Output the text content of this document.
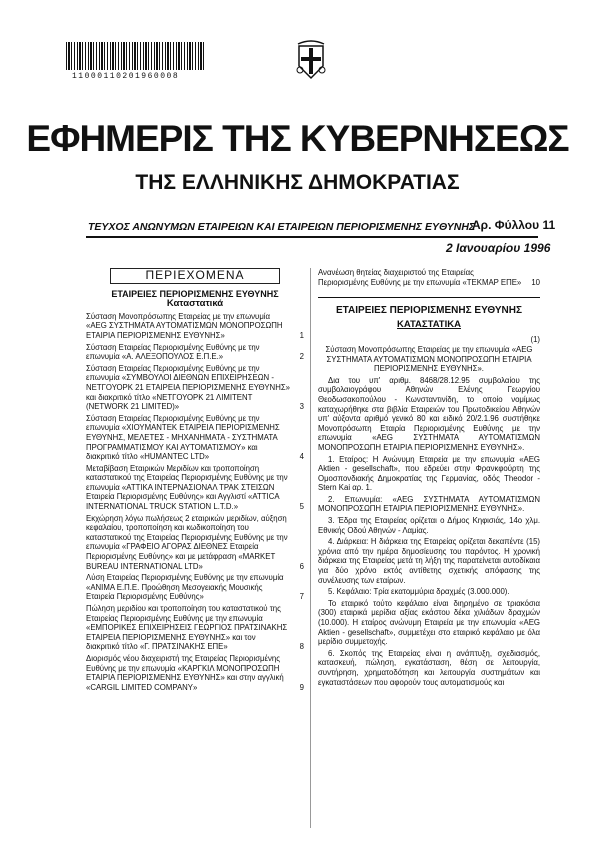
11000110201960008
ΕΦΗΜΕΡΙΣ ΤΗΣ ΚΥΒΕΡΝΗΣΕΩΣ
ΤΗΣ ΕΛΛΗΝΙΚΗΣ ΔΗΜΟΚΡΑΤΙΑΣ
ΤΕΥΧΟΣ ΑΝΩΝΥΜΩΝ ΕΤΑΙΡΕΙΩΝ ΚΑΙ ΕΤΑΙΡΕΙΩΝ ΠΕΡΙΟΡΙΣΜΕΝΗΣ ΕΥΘΥΝΗΣ
Αρ. Φύλλου 11
2 Ιανουαρίου 1996
ΠΕΡΙΕΧΟΜΕΝΑ
ΕΤΑΙΡΕΙΕΣ ΠΕΡΙΟΡΙΣΜΕΝΗΣ ΕΥΘΥΝΗΣ
Καταστατικά
Σύσταση Μονοπρόσωπης Εταιρείας με την επωνυμία «AEG ΣΥΣΤΗΜΑΤΑ ΑΥΤΟΜΑΤΙΣΜΩΝ ΜΟΝΟΠΡΟΣΩΠΗ ΕΤΑΙΡΙΑ ΠΕΡΙΟΡΙΣΜΕΝΗΣ ΕΥΘΥΝΗΣ»	1
Σύσταση Εταιρείας Περιορισμένης Ευθύνης με την επωνυμία «Α. ΑΛΕΞΟΠΟΥΛΟΣ Ε.Π.Ε.»	2
Σύσταση Εταιρείας Περιορισμένης Ευθύνης με την επωνυμία «ΣΥΜΒΟΥΛΟΙ ΔΙΕΘΝΩΝ ΕΠΙΧΕΙΡΗΣΕΩΝ - ΝΕΤΓΟΥΟΡΚ 21 ΕΤΑΙΡΕΙΑ ΠΕΡΙΟΡΙΣΜΕΝΗΣ ΕΥΘΥΝΗΣ» και διακριτικό τίτλο «ΝΕΤΓΟΥΟΡΚ 21 ΛΙΜΙΤΕΝΤ (NETWORK 21 LIMITED)»	3
Σύσταση Εταιρείας Περιορισμένης Ευθύνης με την επωνυμία «ΧΙΟΥΜΑΝΤΕΚ ΕΤΑΙΡΕΙΑ ΠΕΡΙΟΡΙΣΜΕΝΗΣ ΕΥΘΥΝΗΣ, ΜΕΛΕΤΕΣ - ΜΗΧΑΝΗΜΑΤΑ - ΣΥΣΤΗΜΑΤΑ ΠΡΟΓΡΑΜΜΑΤΙΣΜΟΥ ΚΑΙ ΑΥΤΟΜΑΤΙΣΜΟΥ» και διακριτικό τίτλο «HUMANTEC LTD»	4
Μεταβίβαση Εταιρικών Μεριδίων και τροποποίηση καταστατικού της Εταιρείας Περιορισμένης Ευθύνης με την επωνυμία «ΑΤΤΙΚΑ ΙΝΤΕΡΝΑΣΙΟΝΑΛ ΤΡΑΚ ΣΤΕΙΣΩΝ Εταιρεία Περιορισμένης Ευθύνης» και Αγγλιστί «ATTICA INTERNATIONAL TRUCK STATION L.T.D.»	5
Εκχώρηση λόγω πωλήσεως 2 εταιρικών μεριδίων, αύξηση κεφαλαίου, τροποποίηση και κωδικοποίηση του καταστατικού της Εταιρείας Περιορισμένης Ευθύνης με την επωνυμία «ΓΡΑΦΕΙΟ ΑΓΟΡΑΣ ΔΙΕΘΝΕΣ Εταιρεία Περιορισμένης Ευθύνης» και με μετάφραση «MARKET BUREAU INTERNATIONAL LTD»	6
Λύση Εταιρείας Περιορισμένης Ευθύνης με την επωνυμία «ΑΝΙΜΑ Ε.Π.Ε. Προώθηση Μεσογειακής Μουσικής Εταιρεία Περιορισμένης Ευθύνης»	7
Πώληση μεριδίου και τροποποίηση του καταστατικού της Εταιρείας Περιορισμένης Ευθύνης με την επωνυμία «ΕΜΠΟΡΙΚΕΣ ΕΠΙΧΕΙΡΗΣΕΙΣ ΓΕΩΡΓΙΟΣ ΠΡΑΤΣΙΝΑΚΗΣ ΕΤΑΙΡΕΙΑ ΠΕΡΙΟΡΙΣΜΕΝΗΣ ΕΥΘΥΝΗΣ» και τον διακριτικό τίτλο «Γ. ΠΡΑΤΣΙΝΑΚΗΣ ΕΠΕ»	8
Διορισμός νέου διαχειριστή της Εταιρείας Περιορισμένης Ευθύνης με την επωνυμία «ΚΑΡΓΚΙΛ ΜΟΝΟΠΡΟΣΩΠΗ ΕΤΑΙΡΙΑ ΠΕΡΙΟΡΙΣΜΕΝΗΣ ΕΥΘΥΝΗΣ» και στην αγγλική «CARGIL LIMITED COMPANY»	9
Ανανέωση θητείας διαχειριστού της Εταιρείας Περιορισμένης Ευθύνης με την επωνυμία «ΤΕΚΜΑΡ ΕΠΕ» 10
ΕΤΑΙΡΕΙΕΣ ΠΕΡΙΟΡΙΣΜΕΝΗΣ ΕΥΘΥΝΗΣ
ΚΑΤΑΣΤΑΤΙΚΑ
(1)
Σύσταση Μονοπρόσωπης Εταιρείας με την επωνυμία «AEG ΣΥΣΤΗΜΑΤΑ ΑΥΤΟΜΑΤΙΣΜΩΝ ΜΟΝΟΠΡΟΣΩΠΗ ΕΤΑΙΡΙΑ ΠΕΡΙΟΡΙΣΜΕΝΗΣ ΕΥΘΥΝΗΣ».
Δια του υπ' αριθμ. 8468/28.12.95 συμβολαίου της συμβολαιογράφου Αθηνών Ελένης Γεωργίου Θεοδωσακοπούλου - Κωνσταντινίδη, το οποίο νομίμως καταχωρήθηκε στα βιβλία Εταιρειών του Πρωτοδικείου Αθηνών υπ' αύξοντα αριθμό γενικό 80 και ειδικό 20/2.1.96 συστήθηκε Μονοπρόσωπη Εταιρία Περιορισμένης Ευθύνης με την επωνυμία «AEG ΣΥΣΤΗΜΑΤΑ ΑΥΤΟΜΑΤΙΣΜΩΝ ΜΟΝΟΠΡΟΣΩΠΗ ΕΤΑΙΡΙΑ ΠΕΡΙΟΡΙΣΜΕΝΗΣ ΕΥΘΥΝΗΣ».
1. Εταίρος: Η Ανώνυμη Εταιρεία με την επωνυμία «AEG Aktien - gesellschaft», που εδρεύει στην Φρανκφούρτη της Ομοσπονδιακής Δημοκρατίας της Γερμανίας, οδός Theodor - Stern Kai αρ. 1.
2. Επωνυμία: «AEG ΣΥΣΤΗΜΑΤΑ ΑΥΤΟΜΑΤΙΣΜΩΝ ΜΟΝΟΠΡΟΣΩΠΗ ΕΤΑΙΡΙΑ ΠΕΡΙΟΡΙΣΜΕΝΗΣ ΕΥΘΥΝΗΣ».
3. Έδρα της Εταιρείας ορίζεται ο Δήμος Κηφισιάς, 14ο χλμ. Εθνικής Οδού Αθηνών - Λαμίας.
4. Διάρκεια: Η διάρκεια της Εταιρείας ορίζεται δεκαπέντε (15) χρόνια από την ημέρα δημοσίευσης του παρόντος. Η χρονική διάρκεια της Εταιρείας μετά τη λήξη της παρατείνεται αυτοδίκαια για δύο χρόνο εκτός αντίθετης σχετικής απόφασης της συνέλευσης των εταίρων.
5. Κεφάλαιο: Τρία εκατομμύρια δραχμές (3.000.000).
Το εταιρικό τούτο κεφάλαιο είναι διηρημένο σε τριακόσια (300) εταιρικά μερίδια αξίας εκάστου δέκα χιλιάδων δραχμών (10.000). Η εταίρος ανώνυμη Εταιρεία με την επωνυμία «AEG Aktien - gesellschaft», συμμετέχει στο εταιρικό κεφάλαιο με όλα μερίδιο συμμετοχής.
6. Σκοπός της Εταιρείας είναι η ανάπτυξη, σχεδιασμός, κατασκευή, πώληση, εγκατάσταση, θέση σε λειτουργία, συντήρηση, χρηματοδότηση και λειτουργία συστημάτων και εγκαταστάσεων που αφορούν τους αυτοματισμούς και
